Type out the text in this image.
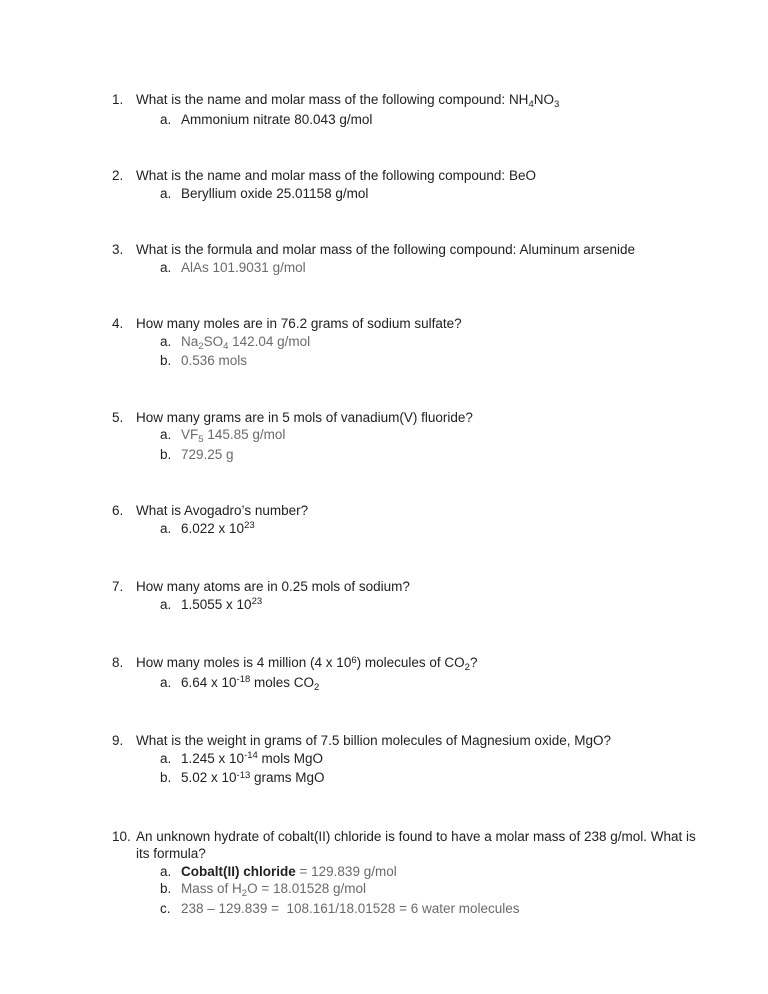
1. What is the name and molar mass of the following compound: $NH_4NO_3$
a. Ammonium nitrate 80.043 g/mol
2. What is the name and molar mass of the following compound: BeO
a. Beryllium oxide 25.01158 g/mol
3. What is the formula and molar mass of the following compound: Aluminum arsenide
a. AlAs 101.9031 g/mol
4. How many moles are in 76.2 grams of sodium sulfate?
a. $Na_2SO_4$ 142.04 g/mol
b. 0.536 mols
5. How many grams are in 5 mols of vanadium(V) fluoride?
a. $VF_5$ 145.85 g/mol
b. 729.25 g
6. What is Avogadro’s number?
a. 6.022 x $10^{23}$
7. How many atoms are in 0.25 mols of sodium?
a. 1.5055 x $10^{23}$
8. How many moles is 4 million (4 x $10^6$) molecules of $CO_2$?
a. 6.64 x $10^{-18}$ moles $CO_2$
9. What is the weight in grams of 7.5 billion molecules of Magnesium oxide, MgO?
a. 1.245 x $10^{-14}$ mols MgO
b. 5.02 x $10^{-13}$ grams MgO
10. An unknown hydrate of cobalt(II) chloride is found to have a molar mass of 238 g/mol. What is
its formula?
a. Cobalt(II) chloride = 129.839 g/mol
b. Mass of $H_2O = 18.01528$ g/mol
c. 238 – 129.839 =  108.161/18.01528 = 6 water molecules
